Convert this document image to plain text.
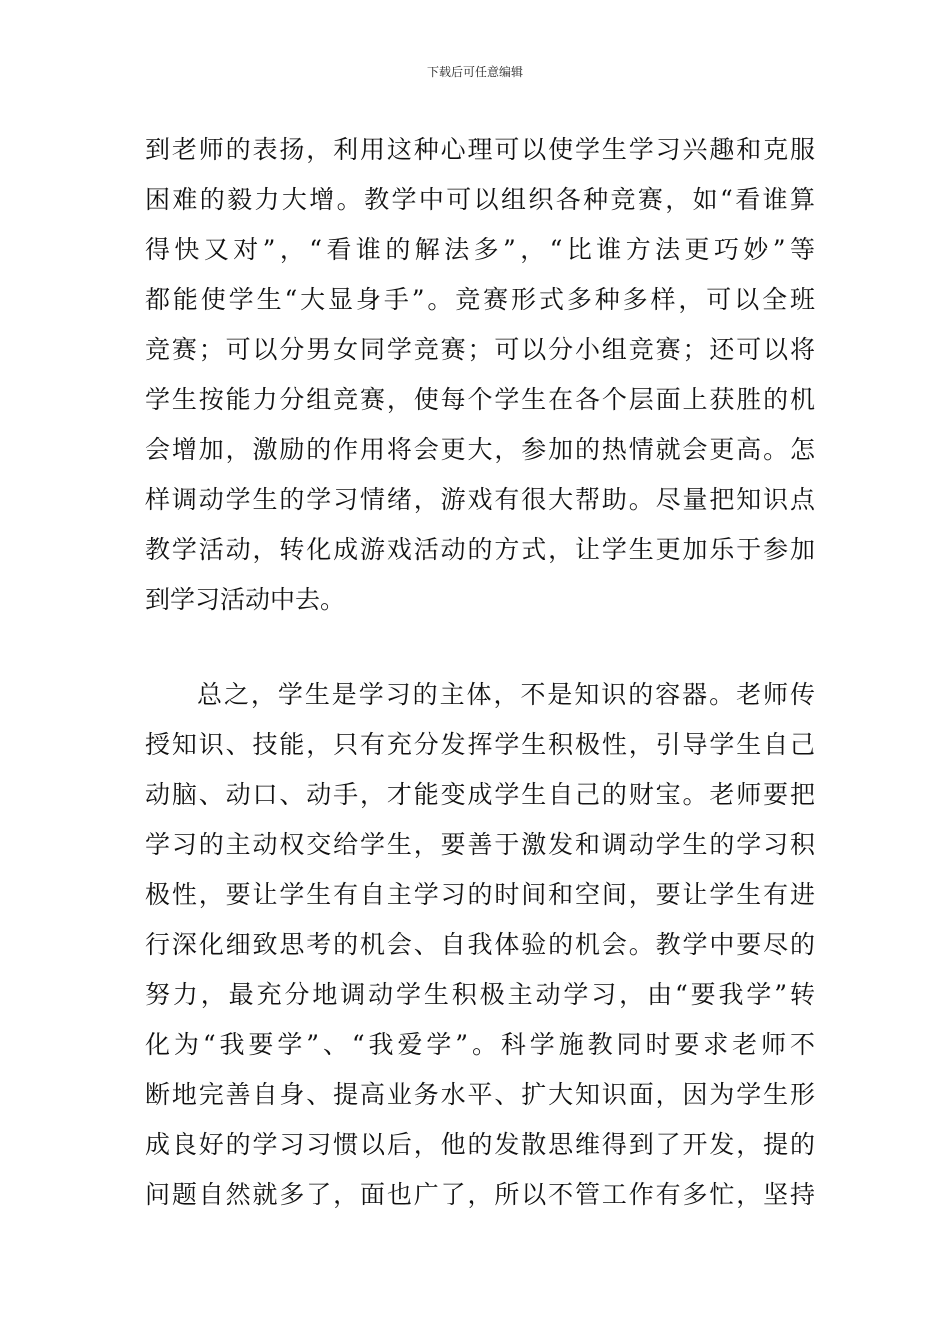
下载后可任意编辑
到老师的表扬，利用这种心理可以使学生学习兴趣和克服
困难的毅力大增。教学中可以组织各种竞赛，如“看谁算
得快又对”，“看谁的解法多”，“比谁方法更巧妙”等
都能使学生“大显身手”。竞赛形式多种多样，可以全班
竞赛；可以分男女同学竞赛；可以分小组竞赛；还可以将
学生按能力分组竞赛，使每个学生在各个层面上获胜的机
会增加，激励的作用将会更大，参加的热情就会更高。怎
样调动学生的学习情绪，游戏有很大帮助。尽量把知识点
教学活动，转化成游戏活动的方式，让学生更加乐于参加
到学习活动中去。
总之，学生是学习的主体，不是知识的容器。老师传
授知识、技能，只有充分发挥学生积极性，引导学生自己
动脑、动口、动手，才能变成学生自己的财宝。老师要把
学习的主动权交给学生，要善于激发和调动学生的学习积
极性，要让学生有自主学习的时间和空间，要让学生有进
行深化细致思考的机会、自我体验的机会。教学中要尽的
努力，最充分地调动学生积极主动学习，由“要我学”转
化为“我要学”、“我爱学”。科学施教同时要求老师不
断地完善自身、提高业务水平、扩大知识面，因为学生形
成良好的学习习惯以后，他的发散思维得到了开发，提的
问题自然就多了，面也广了，所以不管工作有多忙，坚持
